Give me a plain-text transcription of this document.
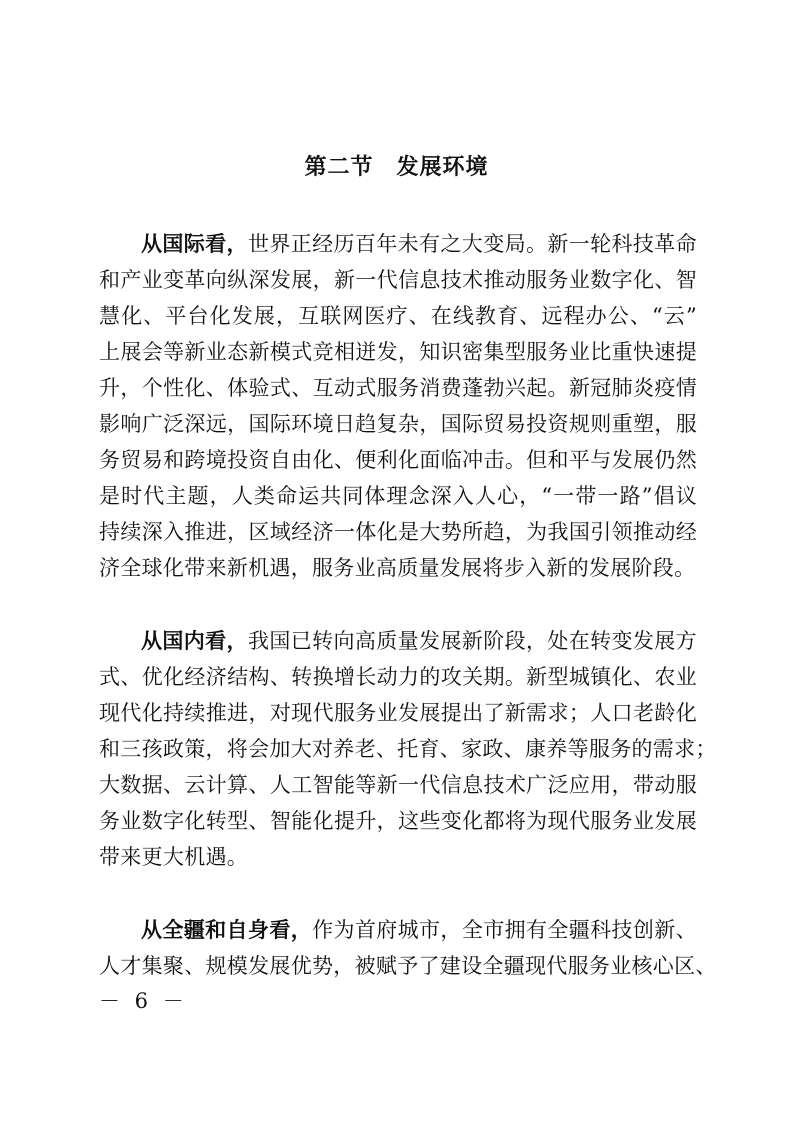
第二节　发展环境

从国际看，世界正经历百年未有之大变局。新一轮科技革命
和产业变革向纵深发展，新一代信息技术推动服务业数字化、智
慧化、平台化发展，互联网医疗、在线教育、远程办公、“云”
上展会等新业态新模式竞相迸发，知识密集型服务业比重快速提
升，个性化、体验式、互动式服务消费蓬勃兴起。新冠肺炎疫情
影响广泛深远，国际环境日趋复杂，国际贸易投资规则重塑，服
务贸易和跨境投资自由化、便利化面临冲击。但和平与发展仍然
是时代主题，人类命运共同体理念深入人心，“一带一路”倡议
持续深入推进，区域经济一体化是大势所趋，为我国引领推动经
济全球化带来新机遇，服务业高质量发展将步入新的发展阶段。

从国内看，我国已转向高质量发展新阶段，处在转变发展方
式、优化经济结构、转换增长动力的攻关期。新型城镇化、农业
现代化持续推进，对现代服务业发展提出了新需求；人口老龄化
和三孩政策，将会加大对养老、托育、家政、康养等服务的需求；
大数据、云计算、人工智能等新一代信息技术广泛应用，带动服
务业数字化转型、智能化提升，这些变化都将为现代服务业发展
带来更大机遇。

从全疆和自身看，作为首府城市，全市拥有全疆科技创新、
人才集聚、规模发展优势，被赋予了建设全疆现代服务业核心区、

－ 6 －
